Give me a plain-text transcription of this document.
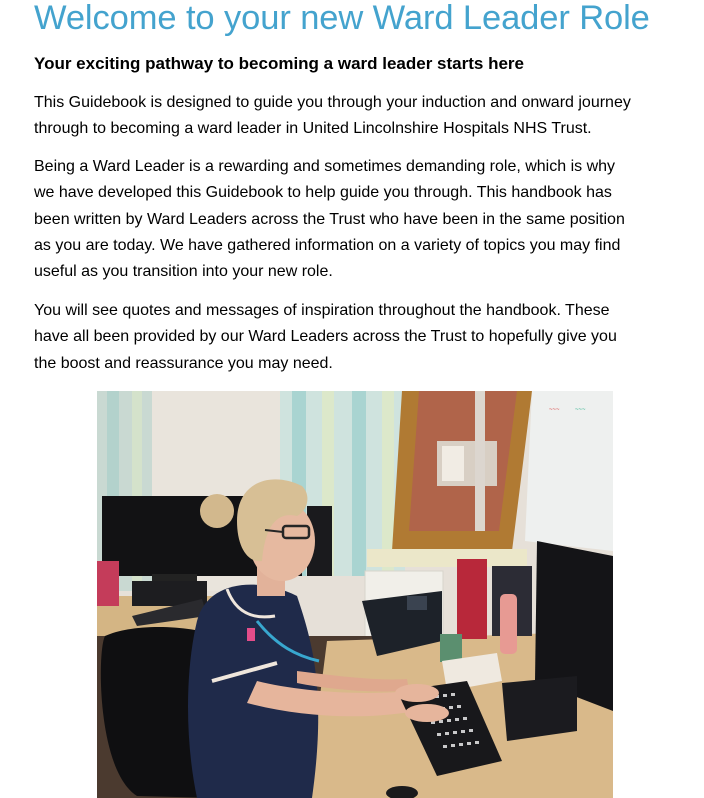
Welcome to your new Ward Leader Role
Your exciting pathway to becoming a ward leader starts here

This Guidebook is designed to guide you through your induction and onward journey
through to becoming a ward leader in United Lincolnshire Hospitals NHS Trust.

Being a Ward Leader is a rewarding and sometimes demanding role, which is why
we have developed this Guidebook to help guide you through. This handbook has
been written by Ward Leaders across the Trust who have been in the same position
as you are today. We have gathered information on a variety of topics you may find
useful as you transition into your new role.

You will see quotes and messages of inspiration throughout the handbook. These
have all been provided by our Ward Leaders across the Trust to hopefully give you
the boost and reassurance you may need.

~~~	~~~
